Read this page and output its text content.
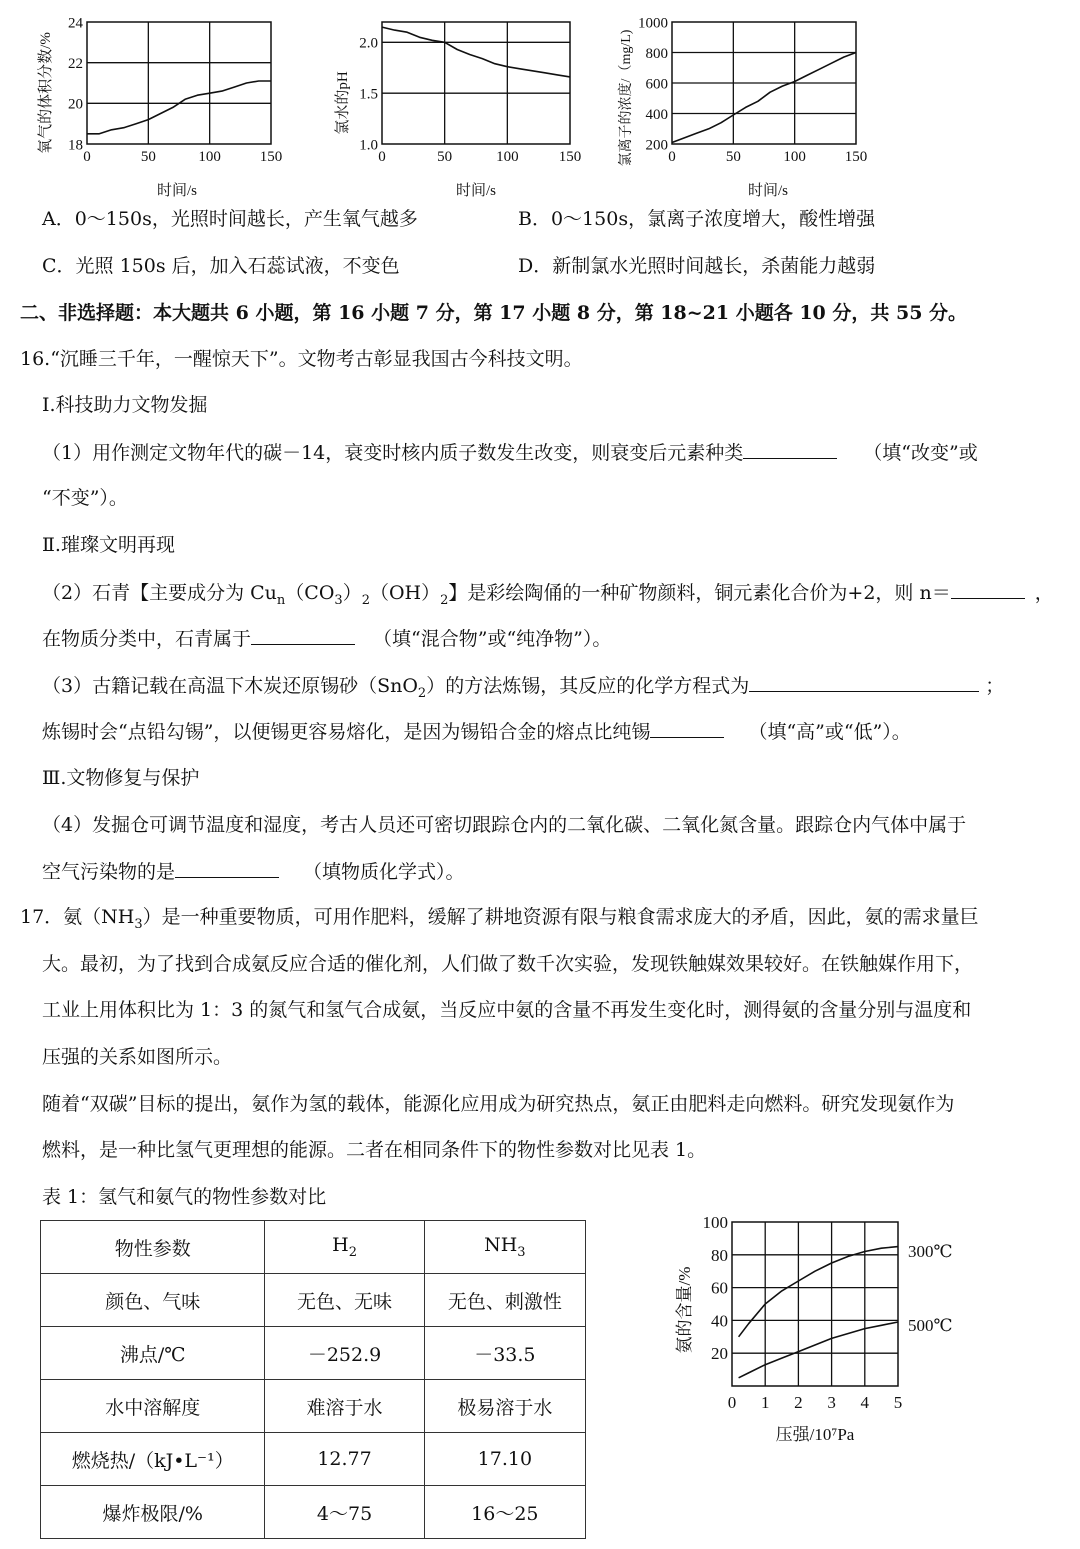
0	50	100	150
18
20
22
24
氧气的体积分数/%
时间/s
0	50	100	150
1.0
1.5
2.0
氯水的pH
时间/s
0	50	100	150
200
400
600
800
1000
氯离子的浓度/（mg/L)
时间/s
A．0～150s，光照时间越长，产生氧气越多	B．0～150s，氯离子浓度增大，酸性增强
C．光照 150s 后，加入石蕊试液，不变色	D．新制氯水光照时间越长，杀菌能力越弱
二、非选择题：本大题共 6 小题，第 16 小题 7 分，第 17 小题 8 分，第 18~21 小题各 10 分，共 55 分。
16.“沉睡三千年，一醒惊天下”。文物考古彰显我国古今科技文明。
Ⅰ.科技助力文物发掘
（1）用作测定文物年代的碳－14，衰变时核内质子数发生改变，则衰变后元素种类	（填“改变”或
“不变”）。
Ⅱ.璀璨文明再现
（2）石青【主要成分为 $Cu_n(CO_3)_2(OH)_2$】是彩绘陶俑的一种矿物颜料，铜元素化合价为+2，则 n＝	，
在物质分类中，石青属于	（填“混合物”或“纯净物”）。
（3）古籍记载在高温下木炭还原锡砂（SnO$_2$）的方法炼锡，其反应的化学方程式为	；
炼锡时会“点铅勾锡”，以便锡更容易熔化，是因为锡铅合金的熔点比纯锡	（填“高”或“低”）。
Ⅲ.文物修复与保护
（4）发掘仓可调节温度和湿度，考古人员还可密切跟踪仓内的二氧化碳、二氧化氮含量。跟踪仓内气体中属于
空气污染物的是	（填物质化学式）。
17．氨$(NH_3)$是一种重要物质，可用作肥料，缓解了耕地资源有限与粮食需求庞大的矛盾，因此，氨的需求量巨
大。最初，为了找到合成氨反应合适的催化剂，人们做了数千次实验，发现铁触媒效果较好。在铁触媒作用下，
工业上用体积比为 1：3 的氮气和氢气合成氨，当反应中氨的含量不再发生变化时，测得氨的含量分别与温度和
压强的关系如图所示。
随着“双碳”目标的提出，氨作为氢的载体，能源化应用成为研究热点，氨正由肥料走向燃料。研究发现氨作为
燃料，是一种比氢气更理想的能源。二者在相同条件下的物性参数对比见表 1。
表 1：氢气和氨气的物性参数对比
物性参数	$H_2$	$NH_3$
颜色、气味	无色、无味	无色、刺激性
沸点/℃	－252.9	－33.5
水中溶解度	难溶于水	极易溶于水
燃烧热/（kJ•L⁻¹）	12.77	17.10
爆炸极限/%	4～75	16～25
0 1 2 3 4 5
20
40
60
80
100
氨的含量/%
压强/10⁷Pa
300℃
500℃
